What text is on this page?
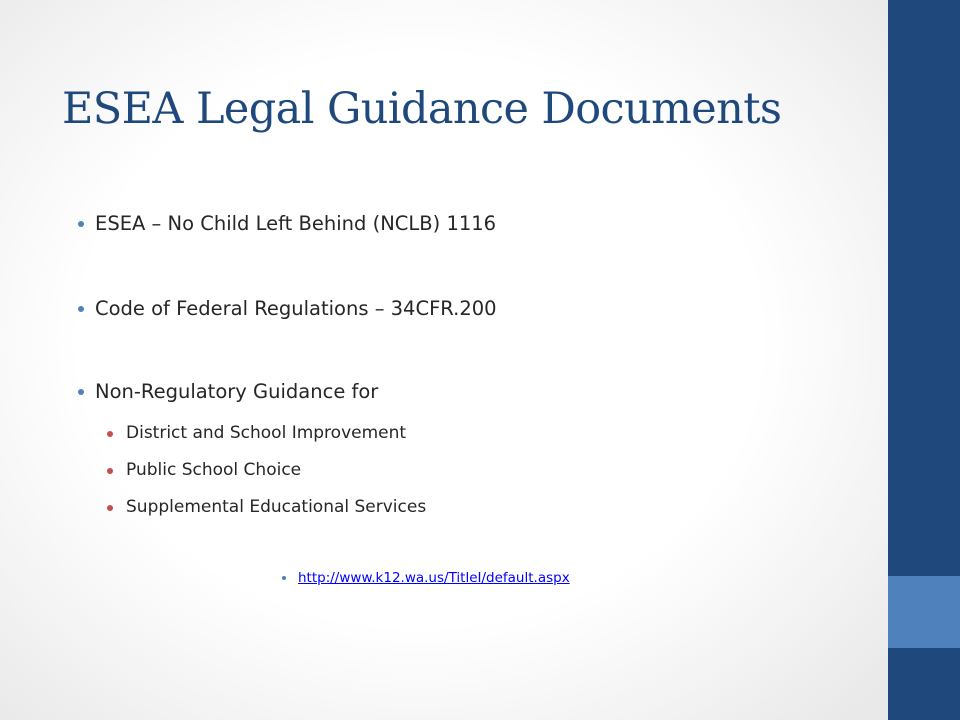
ESEA Legal Guidance Documents
ESEA – No Child Left Behind (NCLB) 1116
Code of Federal Regulations – 34CFR.200
Non-Regulatory Guidance for
District and School Improvement
Public School Choice
Supplemental Educational Services
http://www.k12.wa.us/TitleI/default.aspx
